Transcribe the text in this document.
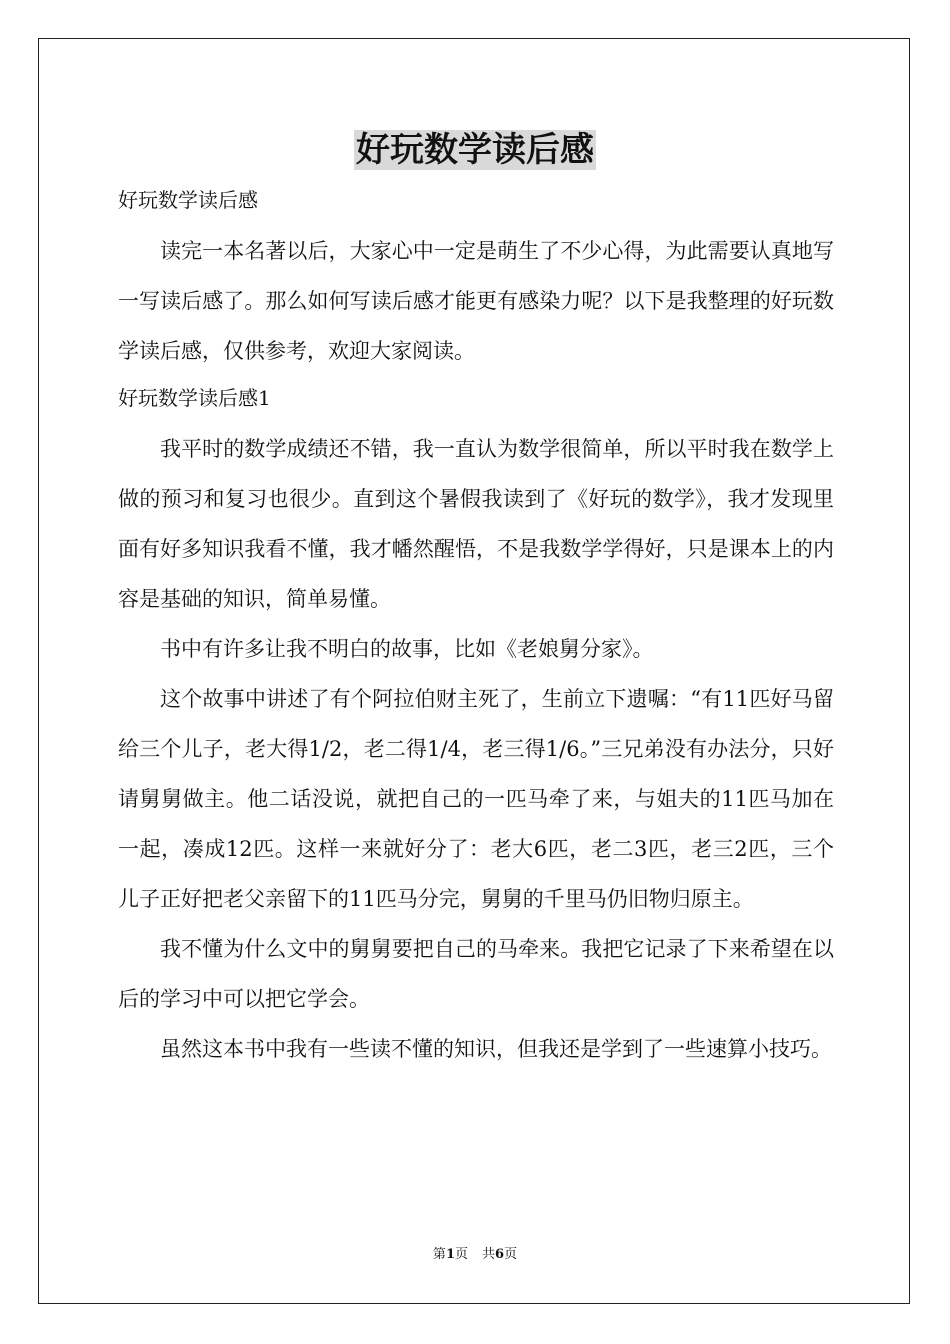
好玩数学读后感

好玩数学读后感

读完一本名著以后，大家心中一定是萌生了不少心得，为此需要认真地写一写读后感了。那么如何写读后感才能更有感染力呢？以下是我整理的好玩数学读后感，仅供参考，欢迎大家阅读。

好玩数学读后感1

我平时的数学成绩还不错，我一直认为数学很简单，所以平时我在数学上做的预习和复习也很少。直到这个暑假我读到了《好玩的数学》，我才发现里面有好多知识我看不懂，我才幡然醒悟，不是我数学学得好，只是课本上的内容是基础的知识，简单易懂。

书中有许多让我不明白的故事，比如《老娘舅分家》。

这个故事中讲述了有个阿拉伯财主死了，生前立下遗嘱：“有11匹好马留给三个儿子，老大得1/2，老二得1/4，老三得1/6。”三兄弟没有办法分，只好请舅舅做主。他二话没说，就把自己的一匹马牵了来，与姐夫的11匹马加在一起，凑成12匹。这样一来就好分了：老大6匹，老二3匹，老三2匹，三个儿子正好把老父亲留下的11匹马分完，舅舅的千里马仍旧物归原主。

我不懂为什么文中的舅舅要把自己的马牵来。我把它记录了下来希望在以后的学习中可以把它学会。

虽然这本书中我有一些读不懂的知识，但我还是学到了一些速算小技巧。

第1页 共6页
